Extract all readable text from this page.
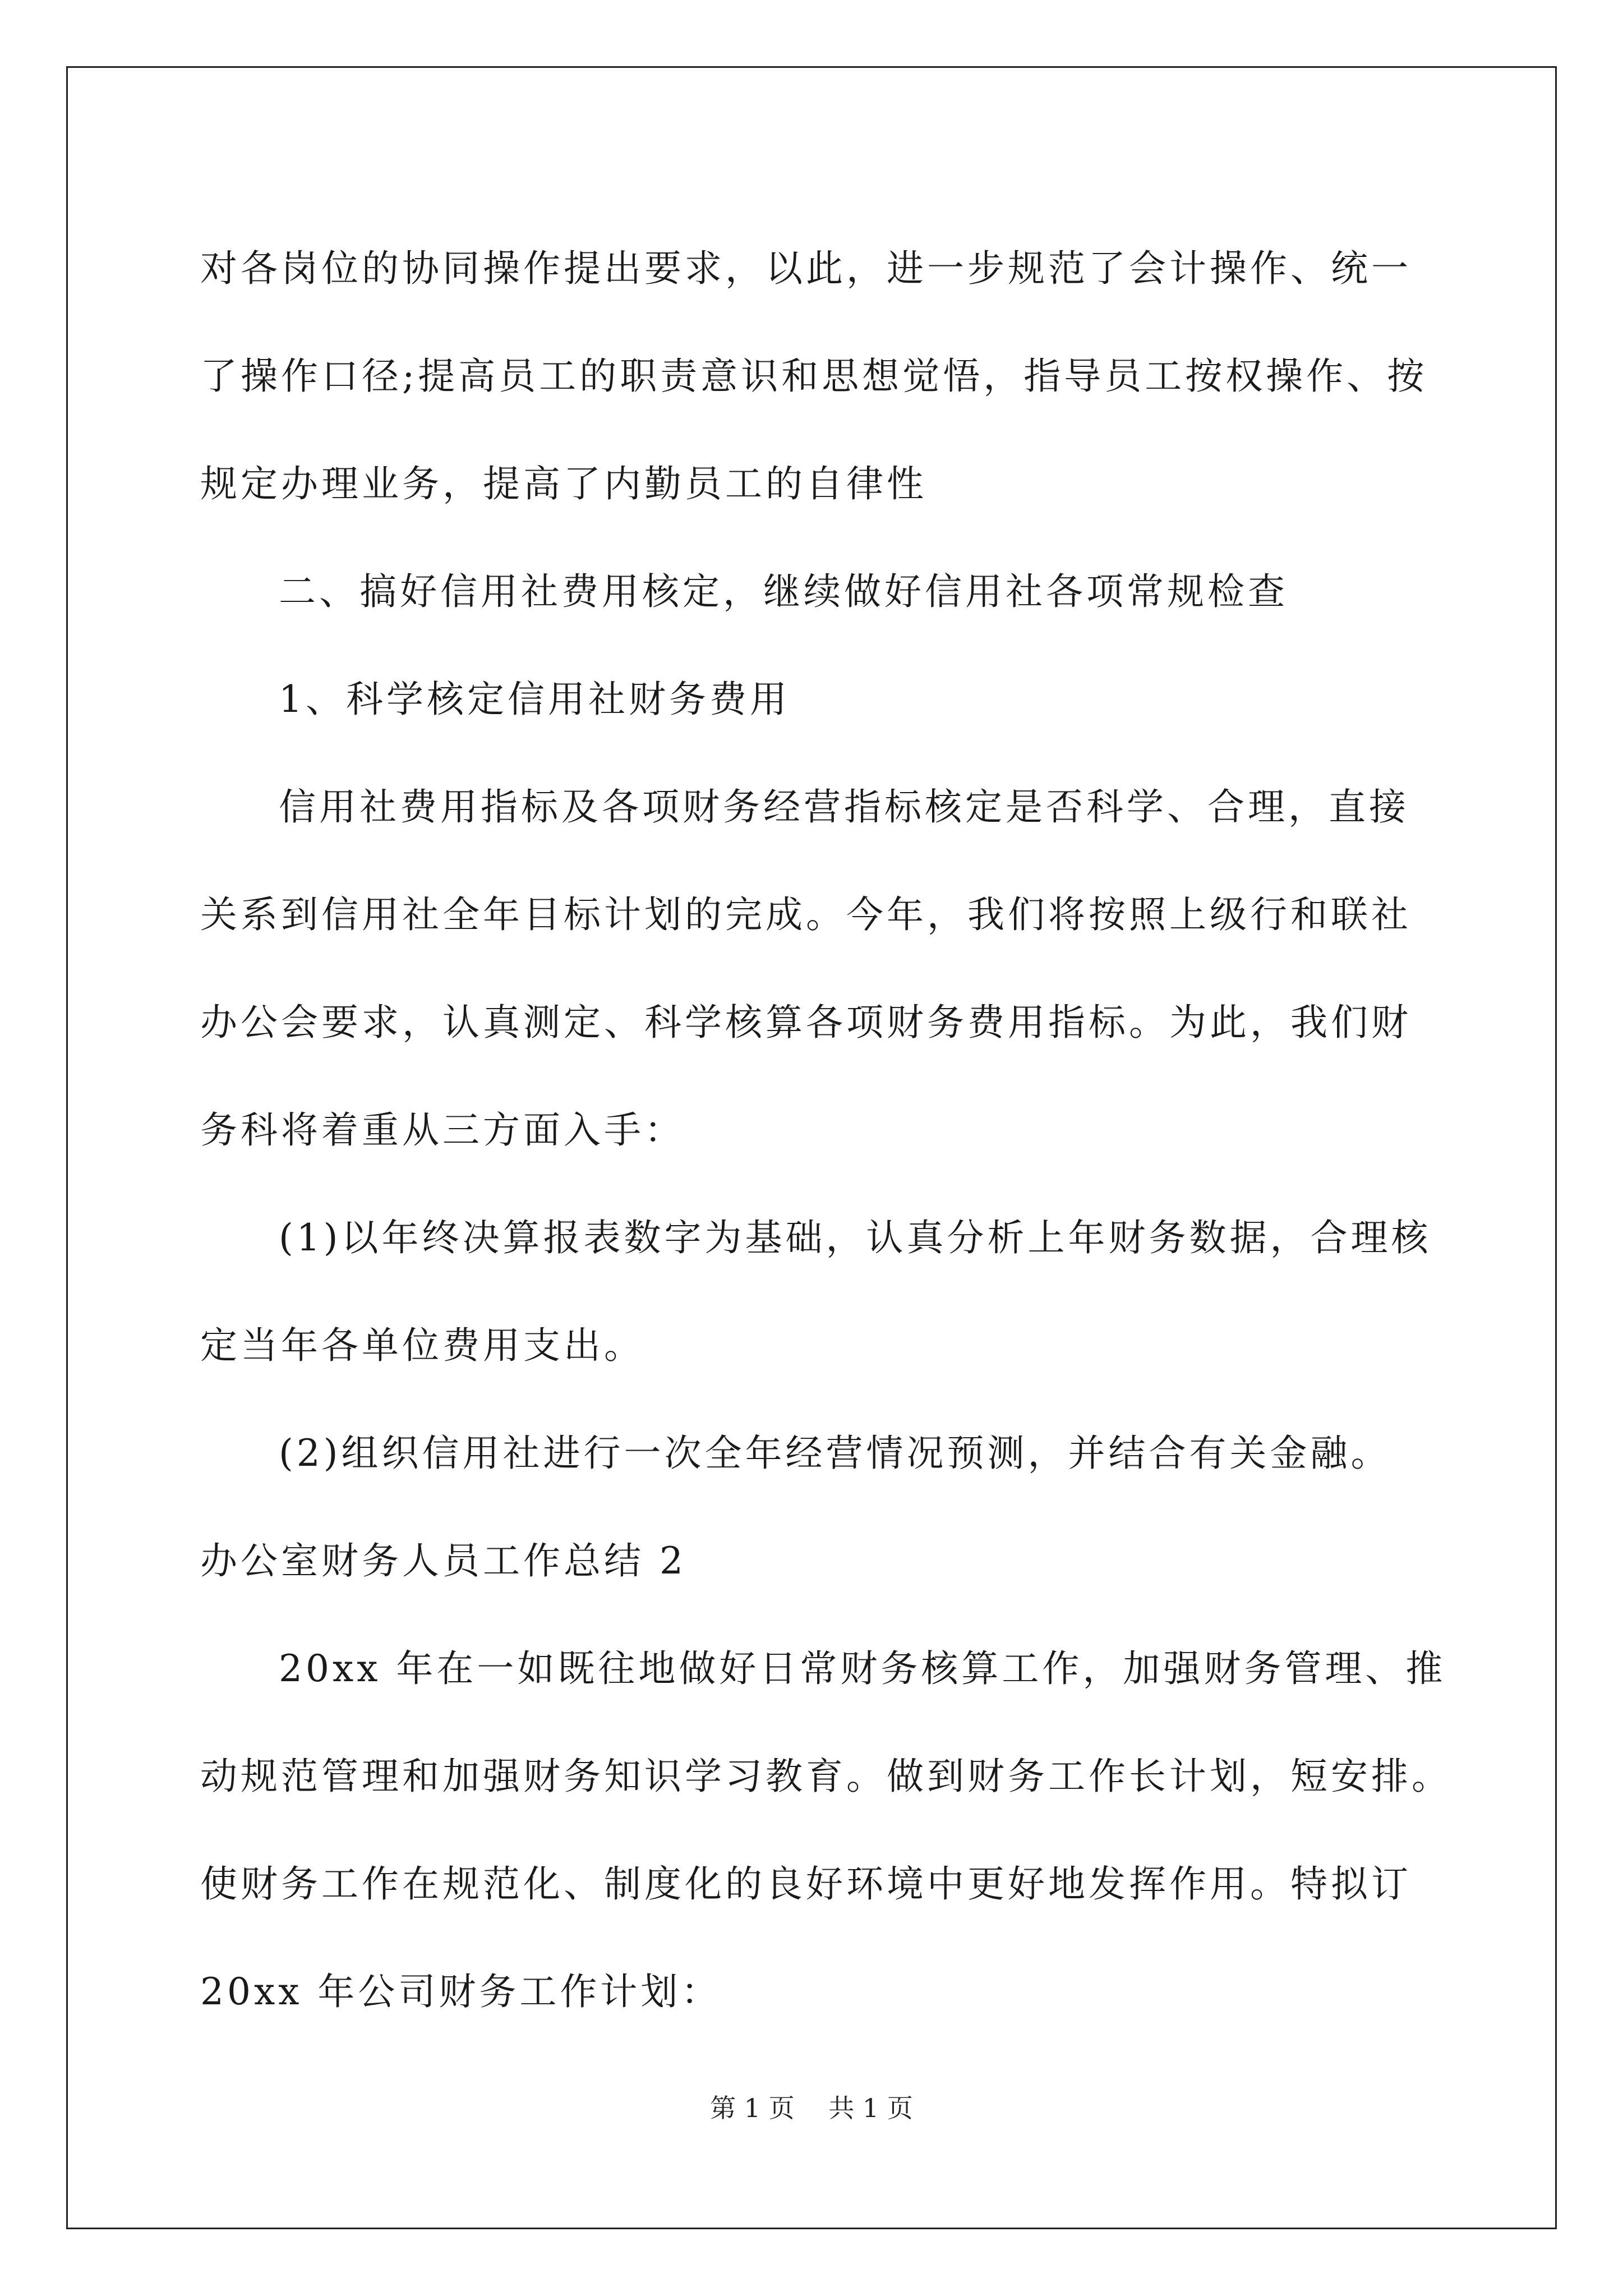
对各岗位的协同操作提出要求，以此，进一步规范了会计操作、统一
了操作口径;提高员工的职责意识和思想觉悟，指导员工按权操作、按
规定办理业务，提高了内勤员工的自律性
二、搞好信用社费用核定，继续做好信用社各项常规检查
1、科学核定信用社财务费用
信用社费用指标及各项财务经营指标核定是否科学、合理，直接
关系到信用社全年目标计划的完成。今年，我们将按照上级行和联社
办公会要求，认真测定、科学核算各项财务费用指标。为此，我们财
务科将着重从三方面入手：
(1)以年终决算报表数字为基础，认真分析上年财务数据，合理核
定当年各单位费用支出。
(2)组织信用社进行一次全年经营情况预测，并结合有关金融。
办公室财务人员工作总结 2
20xx 年在一如既往地做好日常财务核算工作，加强财务管理、推
动规范管理和加强财务知识学习教育。做到财务工作长计划，短安排。
使财务工作在规范化、制度化的良好环境中更好地发挥作用。特拟订
20xx 年公司财务工作计划：
第 1 页 共 1 页
